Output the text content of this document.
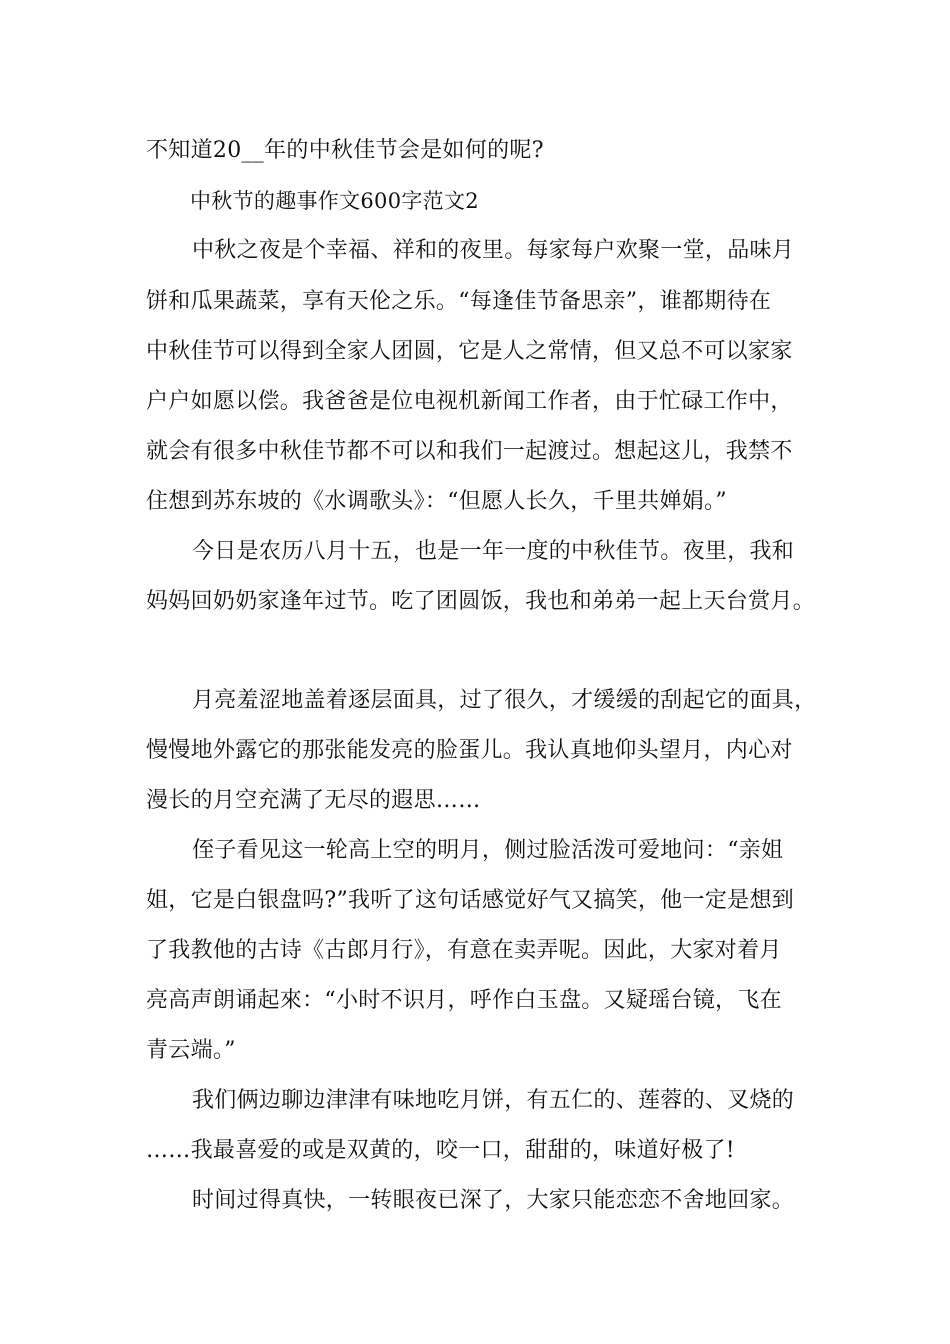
不知道20__年的中秋佳节会是如何的呢?
中秋节的趣事作文600字范文2
中秋之夜是个幸福、祥和的夜里。每家每户欢聚一堂，品味月
饼和瓜果蔬菜，享有天伦之乐。“每逢佳节备思亲”，谁都期待在
中秋佳节可以得到全家人团圆，它是人之常情，但又总不可以家家
户户如愿以偿。我爸爸是位电视机新闻工作者，由于忙碌工作中，
就会有很多中秋佳节都不可以和我们一起渡过。想起这儿，我禁不
住想到苏东坡的《水调歌头》：“但愿人长久，千里共婵娟。”
今日是农历八月十五，也是一年一度的中秋佳节。夜里，我和
妈妈回奶奶家逢年过节。吃了团圆饭，我也和弟弟一起上天台赏月。
月亮羞涩地盖着逐层面具，过了很久，才缓缓的刮起它的面具，
慢慢地外露它的那张能发亮的脸蛋儿。我认真地仰头望月，内心对
漫长的月空充满了无尽的遐思……
侄子看见这一轮高上空的明月，侧过脸活泼可爱地问：“亲姐
姐，它是白银盘吗?”我听了这句话感觉好气又搞笑，他一定是想到
了我教他的古诗《古郎月行》，有意在卖弄呢。因此，大家对着月
亮高声朗诵起來：“小时不识月，呼作白玉盘。又疑瑶台镜，飞在
青云端。”
我们俩边聊边津津有味地吃月饼，有五仁的、莲蓉的、叉烧的
……我最喜爱的或是双黄的，咬一口，甜甜的，味道好极了!
时间过得真快，一转眼夜已深了，大家只能恋恋不舍地回家。
